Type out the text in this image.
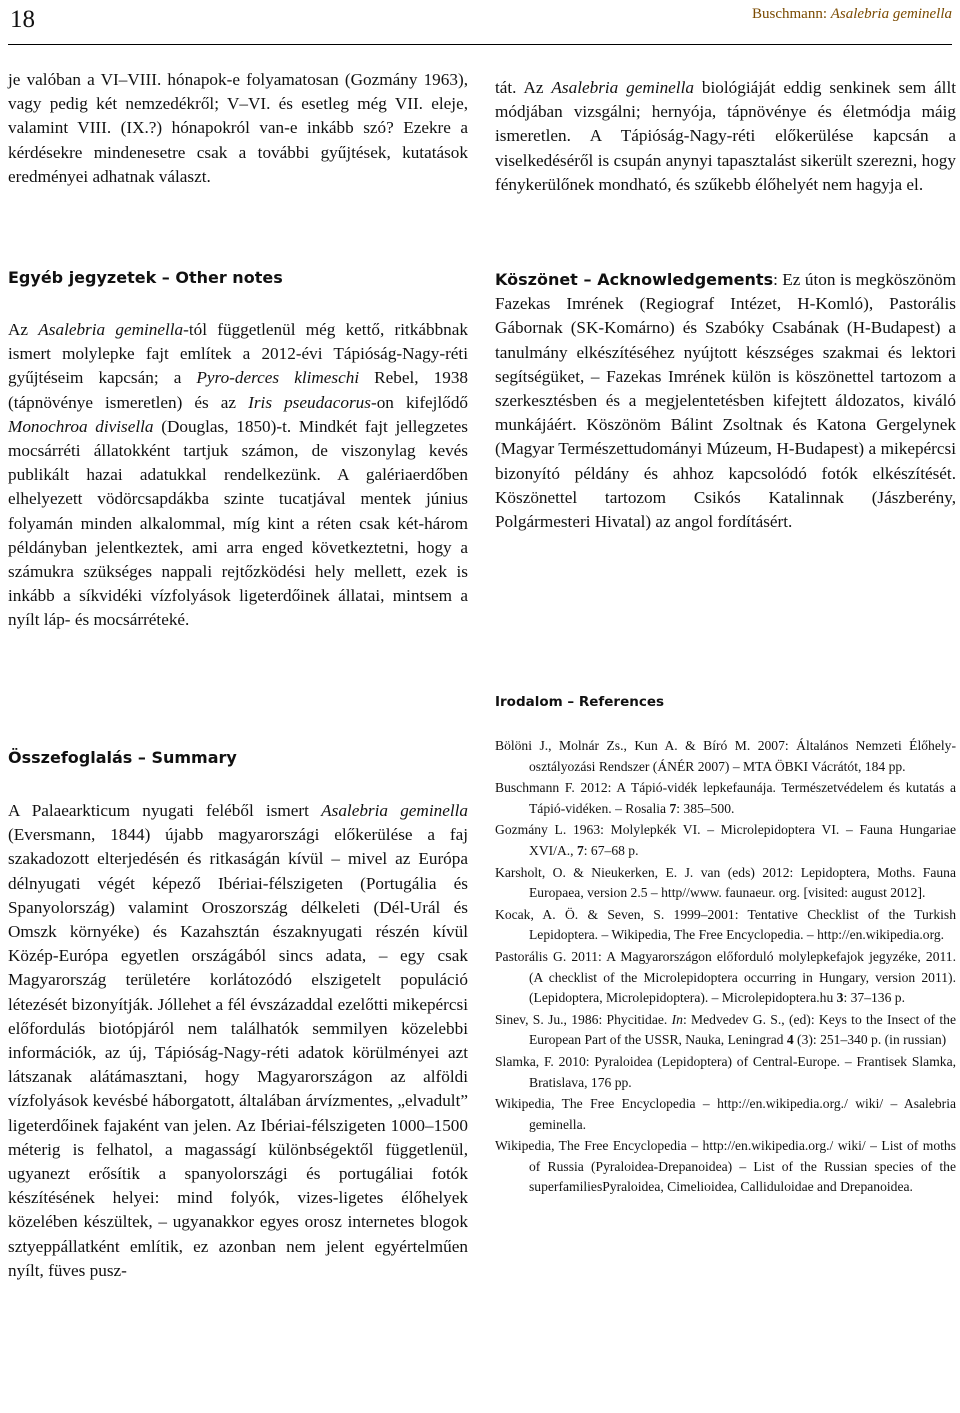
18	Buschmann: Asalebria geminella

je valóban a VI–VIII. hónapok-e folyamatosan (Gozmány 1963), vagy pedig két nemzedékről; V–VI. és esetleg még VII. eleje, valamint VIII. (IX.?) hónapokról van-e inkább szó? Ezekre a kérdésekre mindenesetre csak a további gyűjtések, kutatások eredményei adhatnak választ.

Egyéb jegyzetek – Other notes

Az Asalebria geminella-tól függetlenül még kettő, ritkábbnak ismert molylepke fajt említek a 2012-évi Tápióság-Nagy-réti gyűjtéseim kapcsán; a Pyro-derces klimeschi Rebel, 1938 (tápnövénye ismeretlen) és az Iris pseudacorus-on kifejlődő Monochroa divisella (Douglas, 1850)-t. Mindkét fajt jellegzetes mocsárréti állatokként tartjuk számon, de viszonylag kevés publikált hazai adatukkal rendelkezünk. A galériaerdőben elhelyezett vödörcsapdákba szinte tucatjával mentek június folyamán minden alkalommal, míg kint a réten csak két-három példányban jelentkeztek, ami arra enged következtetni, hogy a számukra szükséges nappali rejtőzködési hely mellett, ezek is inkább a síkvidéki vízfolyások ligeterdőinek állatai, mintsem a nyílt láp- és mocsárréteké.

Összefoglalás – Summary

A Palaearkticum nyugati feléből ismert Asalebria geminella (Eversmann, 1844) újabb magyarországi előkerülése a faj szakadozott elterjedésén és ritkaságán kívül – mivel az Európa délnyugati végét képező Ibériai-félszigeten (Portugália és Spanyolország) valamint Oroszország délkeleti (Dél-Urál és Omszk környéke) és Kazahsztán északnyugati részén kívül Közép-Európa egyetlen országából sincs adata, – egy csak Magyarország területére korlátozódó elszigetelt populáció létezését bizonyítják. Jóllehet a fél évszázaddal ezelőtti mikepércsi előfordulás biotópjáról nem találhatók semmilyen közelebbi információk, az új, Tápióság-Nagy-réti adatok körülményei azt látszanak alátámasztani, hogy Magyarországon az alföldi vízfolyások kevésbé háborgatott, általában árvízmentes, „elvadult” ligeterdőinek fajaként van jelen. Az Ibériai-félszigeten 1000–1500 méterig is felhatol, a magasságí különbségektől függetlenül, ugyanezt erősítik a spanyolországi és portugáliai fotók készítésének helyei: mind folyók, vizes-ligetes élőhelyek közelében készültek, – ugyanakkor egyes orosz internetes blogok sztyeppállatként említik, ez azonban nem jelent egyértelműen nyílt, füves pusz-

tát. Az Asalebria geminella biológiáját eddig senkinek sem állt módjában vizsgálni; hernyója, tápnövénye és életmódja máig ismeretlen. A Tápióság-Nagy-réti előkerülése kapcsán a viselkedéséről is csupán anynyi tapasztalást sikerült szerezni, hogy fénykerülőnek mondható, és szűkebb élőhelyét nem hagyja el.

Köszönet – Acknowledgements: Ez úton is megköszönöm Fazekas Imrének (Regiograf Intézet, H-Komló), Pastorális Gábornak (SK-Komárno) és Szabóky Csabának (H-Budapest) a tanulmány elkészítéséhez nyújtott készséges szakmai és lektori segítségüket, – Fazekas Imrének külön is köszönettel tartozom a szerkesztésben és a megjelentetésben kifejtett áldozatos, kiváló munkájáért. Köszönöm Bálint Zsoltnak és Katona Gergelynek (Magyar Természettudományi Múzeum, H-Budapest) a mikepércsi bizonyító példány és ahhoz kapcsolódó fotók elkészítését. Köszönettel tartozom Csikós Katalinnak (Jászberény, Polgármesteri Hivatal) az angol fordításért.

Irodalom – References
Bölöni J., Molnár Zs., Kun A. & Bíró M. 2007: Általános Nemzeti Élőhely-osztályozási Rendszer (ÁNÉR 2007) – MTA ÖBKI Vácrátót, 184 pp.
Buschmann F. 2012: A Tápió-vidék lepkefaunája. Természetvédelem és kutatás a Tápió-vidéken. – Rosalia 7: 385–500.
Gozmány L. 1963: Molylepkék VI. – Microlepidoptera VI. – Fauna Hungariae XVI/A., 7: 67–68 p.
Karsholt, O. & Nieukerken, E. J. van (eds) 2012: Lepidoptera, Moths. Fauna Europaea, version 2.5 – http//www. faunaeur. org. [visited: august 2012].
Kocak, A. Ö. & Seven, S. 1999–2001: Tentative Checklist of the Turkish Lepidoptera. – Wikipedia, The Free Encyclopedia. – http://en.wikipedia.org.
Pastorális G. 2011: A Magyarországon előforduló molylepkefajok jegyzéke, 2011. (A checklist of the Microlepidoptera occurring in Hungary, version 2011). (Lepidoptera, Microlepidoptera). – Microlepidoptera.hu 3: 37–136 p.
Sinev, S. Ju., 1986: Phycitidae. In: Medvedev G. S., (ed): Keys to the Insect of the European Part of the USSR, Nauka, Leningrad 4 (3): 251–340 p. (in russian)
Slamka, F. 2010: Pyraloidea (Lepidoptera) of Central-Europe. – Frantisek Slamka, Bratislava, 176 pp.
Wikipedia, The Free Encyclopedia – http://en.wikipedia.org./ wiki/ – Asalebria geminella.
Wikipedia, The Free Encyclopedia – http://en.wikipedia.org./ wiki/ – List of moths of Russia (Pyraloidea-Drepanoidea) – List of the Russian species of the superfamiliesPyraloidea, Cimelioidea, Calliduloidae and Drepanoidea.
